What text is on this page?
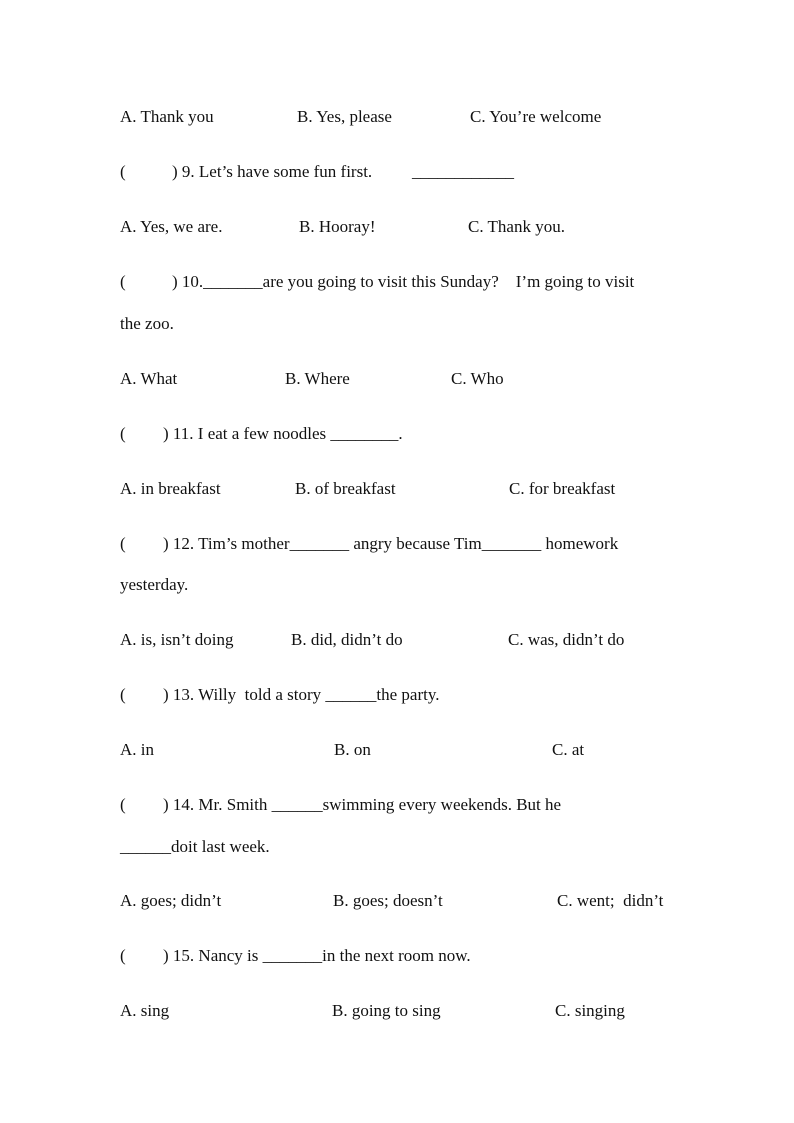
A. Thank you	B. Yes, please	C. You’re welcome
(	) 9. Let’s have some fun first. ____________
A. Yes, we are.	B. Hooray!	C. Thank you.
(	) 10._______are you going to visit this Sunday?    I’m going to visit
the zoo.
A. What	B. Where	C. Who
( ) 11. I eat a few noodles ________.
A. in breakfast	B. of breakfast	C. for breakfast
( ) 12. Tim’s mother_______ angry because Tim_______ homework
yesterday.
A. is, isn’t doing	B. did, didn’t do	C. was, didn’t do
( ) 13. Willy  told a story ______the party.
A. in	B. on	C. at
( ) 14. Mr. Smith ______swimming every weekends. But he
______doit last week.
A. goes; didn’t	B. goes; doesn’t	C. went;  didn’t
( ) 15. Nancy is _______in the next room now.
A. sing	B. going to sing	C. singing
